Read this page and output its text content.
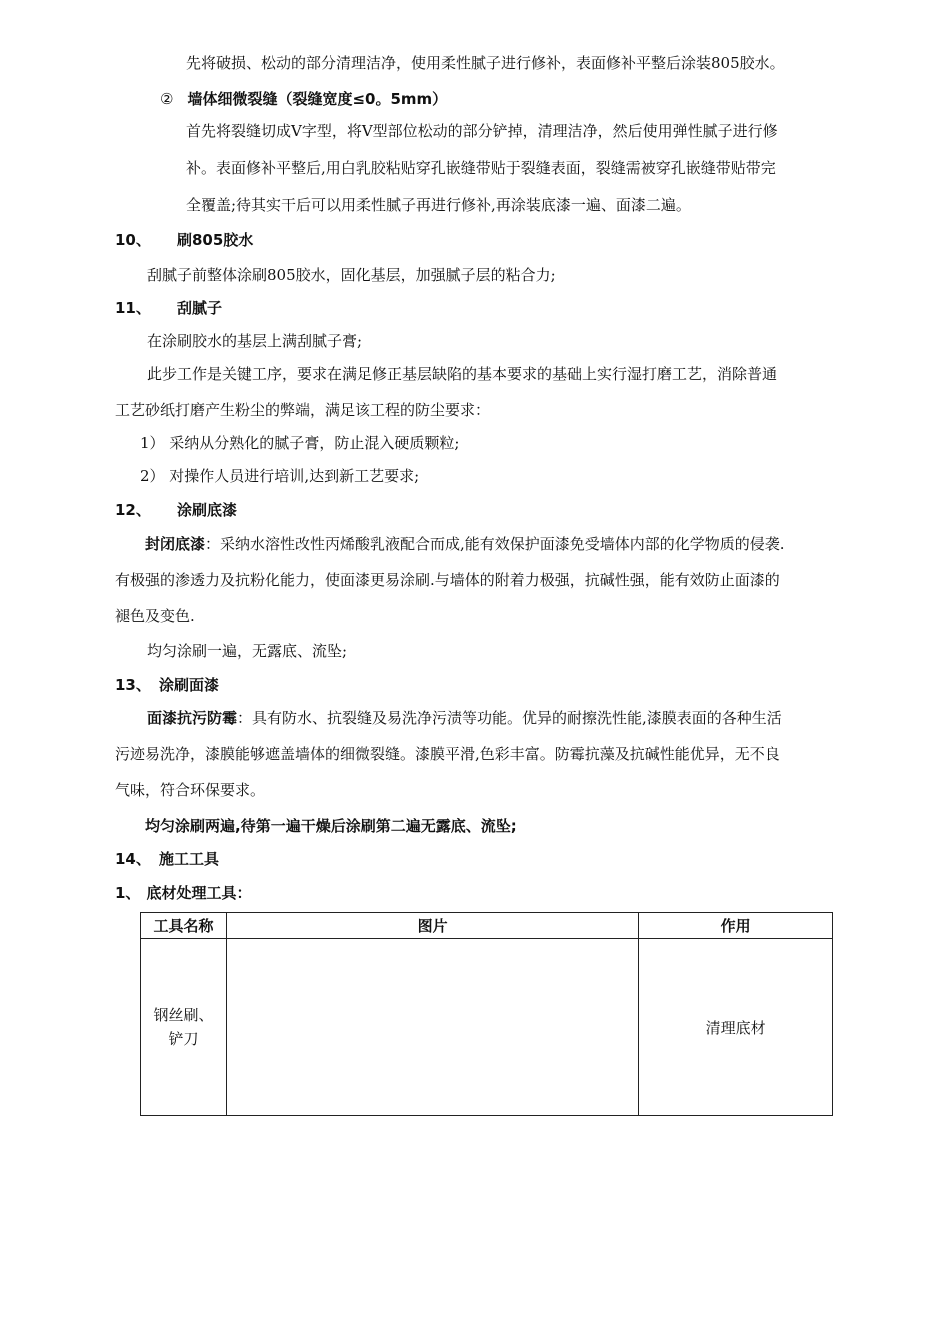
先将破损、松动的部分清理洁净，使用柔性腻子进行修补，表面修补平整后涂装805胶水。
② 墙体细微裂缝（裂缝宽度≤0。5mm）
首先将裂缝切成V字型，将V型部位松动的部分铲掉，清理洁净，然后使用弹性腻子进行修
补。表面修补平整后,用白乳胶粘贴穿孔嵌缝带贴于裂缝表面，裂缝需被穿孔嵌缝带贴带完
全覆盖;待其实干后可以用柔性腻子再进行修补,再涂装底漆一遍、面漆二遍。
10、 刷805胶水
刮腻子前整体涂刷805胶水，固化基层，加强腻子层的粘合力;
11、 刮腻子
在涂刷胶水的基层上满刮腻子膏;
此步工作是关键工序，要求在满足修正基层缺陷的基本要求的基础上实行湿打磨工艺，消除普通
工艺砂纸打磨产生粉尘的弊端，满足该工程的防尘要求：
1） 采纳从分熟化的腻子膏，防止混入硬质颗粒;
2） 对操作人员进行培训,达到新工艺要求;
12、 涂刷底漆
封闭底漆：采纳水溶性改性丙烯酸乳液配合而成,能有效保护面漆免受墙体内部的化学物质的侵袭.
有极强的渗透力及抗粉化能力，使面漆更易涂刷.与墙体的附着力极强，抗碱性强，能有效防止面漆的
褪色及变色.
均匀涂刷一遍，无露底、流坠;
13、 涂刷面漆
面漆抗污防霉：具有防水、抗裂缝及易洗净污渍等功能。优异的耐擦洗性能,漆膜表面的各种生活
污迹易洗净，漆膜能够遮盖墙体的细微裂缝。漆膜平滑,色彩丰富。防霉抗藻及抗碱性能优异，无不良
气味，符合环保要求。
均匀涂刷两遍,待第一遍干燥后涂刷第二遍无露底、流坠;
14、 施工工具
1、 底材处理工具：
工具名称	图片	作用

钢丝刷、
铲刀		清理底材
